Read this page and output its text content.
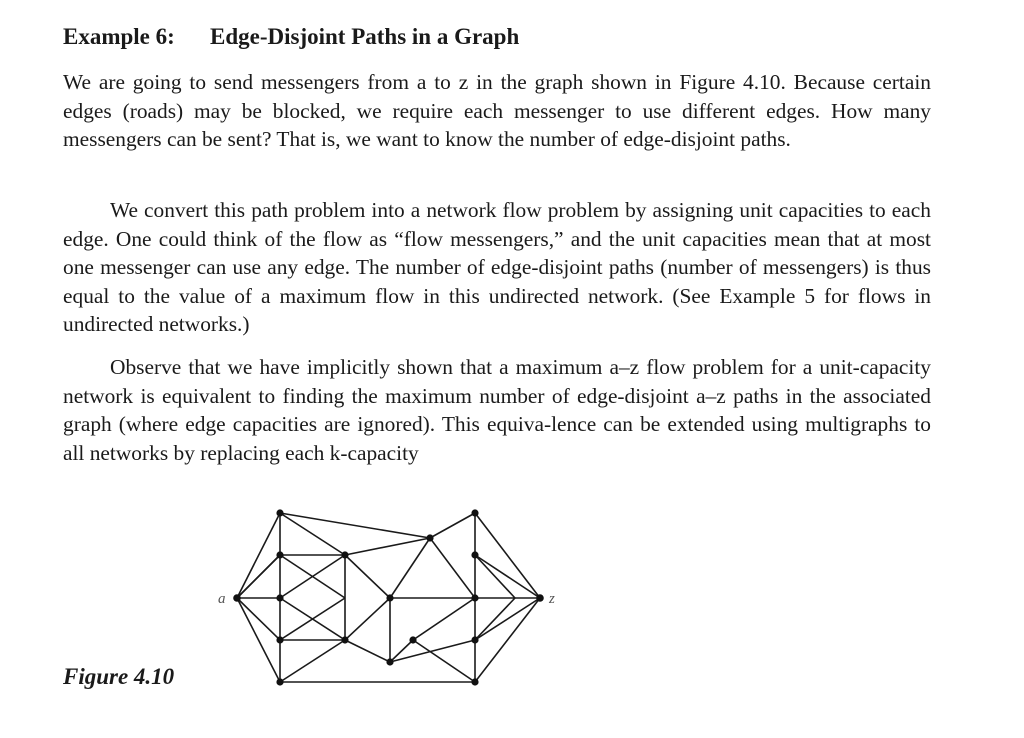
Example 6: Edge-Disjoint Paths in a Graph

We are going to send messengers from a to z in the graph shown in Figure 4.10. Because certain edges (roads) may be blocked, we require each messenger to use different edges. How many messengers can be sent? That is, we want to know the number of edge-disjoint paths.

We convert this path problem into a network flow problem by assigning unit capacities to each edge. One could think of the flow as “flow messengers,” and the unit capacities mean that at most one messenger can use any edge. The number of edge-disjoint paths (number of messengers) is thus equal to the value of a maximum flow in this undirected network. (See Example 5 for flows in undirected networks.)

Observe that we have implicitly shown that a maximum a–z flow problem for a unit-capacity network is equivalent to finding the maximum number of edge-disjoint a–z paths in the associated graph (where edge capacities are ignored). This equiva-lence can be extended using multigraphs to all networks by replacing each k-capacity

Figure 4.10
a	z
